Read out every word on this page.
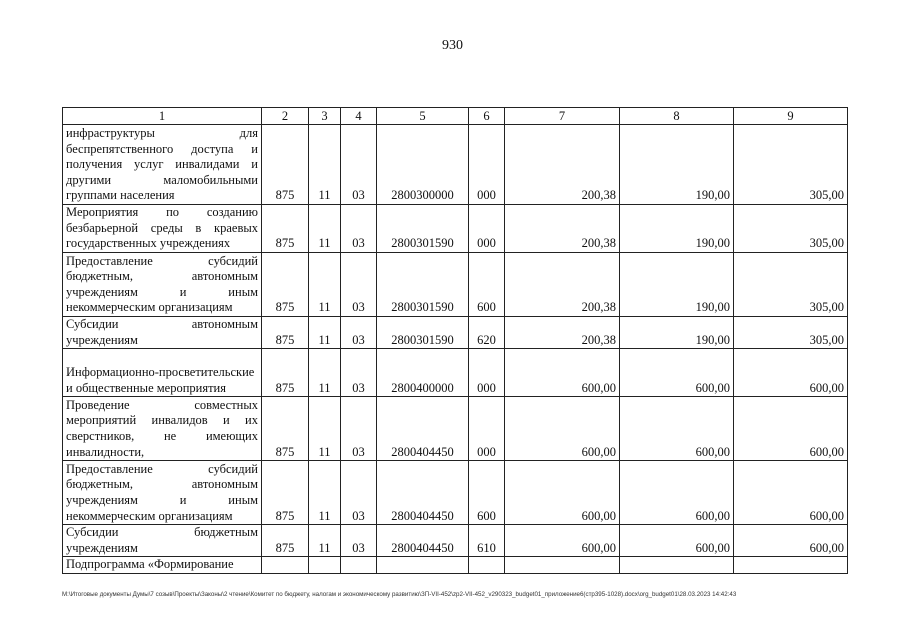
930
1	2	3	4	5	6	7	8	9
инфраструктуры для беспрепятственного доступа и получения услуг инвалидами и другими маломобильными группами населения	875	11	03	2800300000	000	200,38	190,00	305,00
Мероприятия по созданию безбарьерной среды в краевых государственных учреждениях	875	11	03	2800301590	000	200,38	190,00	305,00
Предоставление субсидий бюджетным, автономным учреждениям и иным некоммерческим организациям	875	11	03	2800301590	600	200,38	190,00	305,00
Субсидии автономным учреждениям	875	11	03	2800301590	620	200,38	190,00	305,00
Информационно-просветительские и общественные мероприятия	875	11	03	2800400000	000	600,00	600,00	600,00
Проведение совместных мероприятий инвалидов и их сверстников, не имеющих инвалидности,	875	11	03	2800404450	000	600,00	600,00	600,00
Предоставление субсидий бюджетным, автономным учреждениям и иным некоммерческим организациям	875	11	03	2800404450	600	600,00	600,00	600,00
Субсидии бюджетным учреждениям	875	11	03	2800404450	610	600,00	600,00	600,00
Подпрограмма «Формирование								
M:\Итоговые документы Думы\7 созыв\Проекты\Законы\2 чтение\Комитет по бюджету, налогам и экономическому развитию\ЗП-VII-452\zp2-VII-452_v290323_budget01_приложение6(стр395-1028).docx\org_budget01\28.03.2023 14:42:43
